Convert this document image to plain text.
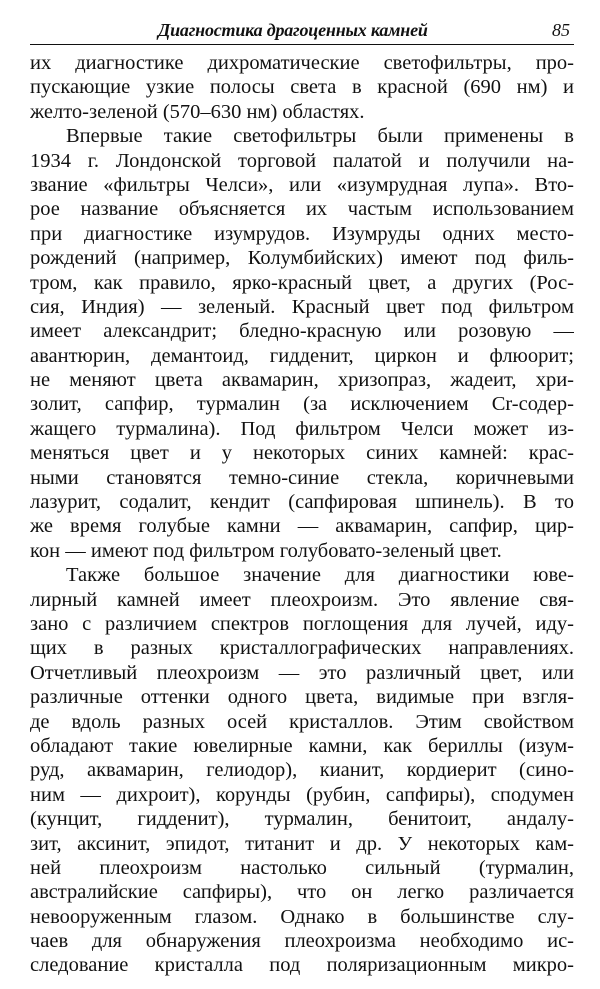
Диагностика драгоценных камней	85
их диагностике дихроматические светофильтры, про-
пускающие узкие полосы света в красной (690 нм) и
желто-зеленой (570–630 нм) областях.
Впервые такие светофильтры были применены в
1934 г. Лондонской торговой палатой и получили на-
звание «фильтры Челси», или «изумрудная лупа». Вто-
рое название объясняется их частым использованием
при диагностике изумрудов. Изумруды одних место-
рождений (например, Колумбийских) имеют под филь-
тром, как правило, ярко-красный цвет, а других (Рос-
сия, Индия) — зеленый. Красный цвет под фильтром
имеет александрит; бледно-красную или розовую —
авантюрин, демантоид, гидденит, циркон и флюорит;
не меняют цвета аквамарин, хризопраз, жадеит, хри-
золит, сапфир, турмалин (за исключением Cr-содер-
жащего турмалина). Под фильтром Челси может из-
меняться цвет и у некоторых синих камней: крас-
ными становятся темно-синие стекла, коричневыми
лазурит, содалит, кендит (сапфировая шпинель). В то
же время голубые камни — аквамарин, сапфир, цир-
кон — имеют под фильтром голубовато-зеленый цвет.
Также большое значение для диагностики юве-
лирный камней имеет плеохроизм. Это явление свя-
зано с различием спектров поглощения для лучей, иду-
щих в разных кристаллографических направлениях.
Отчетливый плеохроизм — это различный цвет, или
различные оттенки одного цвета, видимые при взгля-
де вдоль разных осей кристаллов. Этим свойством
обладают такие ювелирные камни, как бериллы (изум-
руд, аквамарин, гелиодор), кианит, кордиерит (сино-
ним — дихроит), корунды (рубин, сапфиры), сподумен
(кунцит, гидденит), турмалин, бенитоит, андалу-
зит, аксинит, эпидот, титанит и др. У некоторых кам-
ней плеохроизм настолько сильный (турмалин,
австралийские сапфиры), что он легко различается
невооруженным глазом. Однако в большинстве слу-
чаев для обнаружения плеохроизма необходимо ис-
следование кристалла под поляризационным микро-
